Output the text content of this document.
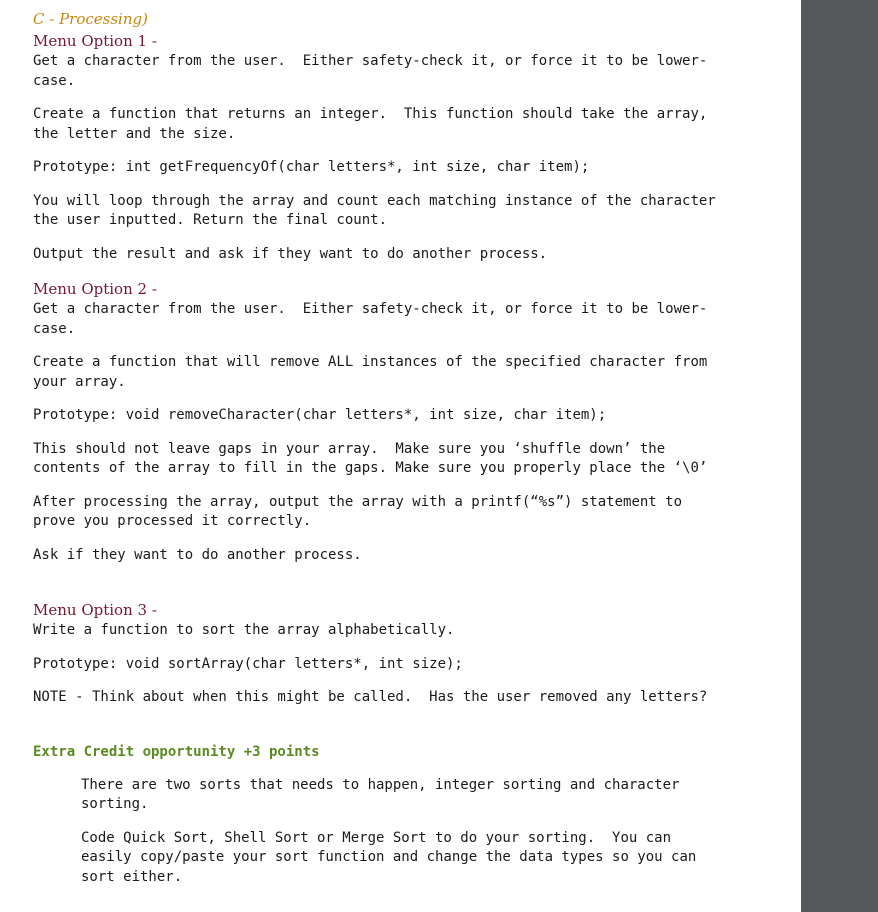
C - Processing)

Menu Option 1 -

Get a character from the user.  Either safety-check it, or force it to be lower-
case.

Create a function that returns an integer.  This function should take the array,
the letter and the size.

Prototype: int getFrequencyOf(char letters*, int size, char item);

You will loop through the array and count each matching instance of the character
the user inputted. Return the final count.

Output the result and ask if they want to do another process.

Menu Option 2 -

Get a character from the user.  Either safety-check it, or force it to be lower-
case.

Create a function that will remove ALL instances of the specified character from
your array.

Prototype: void removeCharacter(char letters*, int size, char item);

This should not leave gaps in your array.  Make sure you ‘shuffle down’ the
contents of the array to fill in the gaps. Make sure you properly place the ‘\0’

After processing the array, output the array with a printf(“%s”) statement to
prove you processed it correctly.

Ask if they want to do another process.

Menu Option 3 -

Write a function to sort the array alphabetically.

Prototype: void sortArray(char letters*, int size);

NOTE - Think about when this might be called.  Has the user removed any letters?

Extra Credit opportunity +3 points

There are two sorts that needs to happen, integer sorting and character
sorting.

Code Quick Sort, Shell Sort or Merge Sort to do your sorting.  You can
easily copy/paste your sort function and change the data types so you can
sort either.
